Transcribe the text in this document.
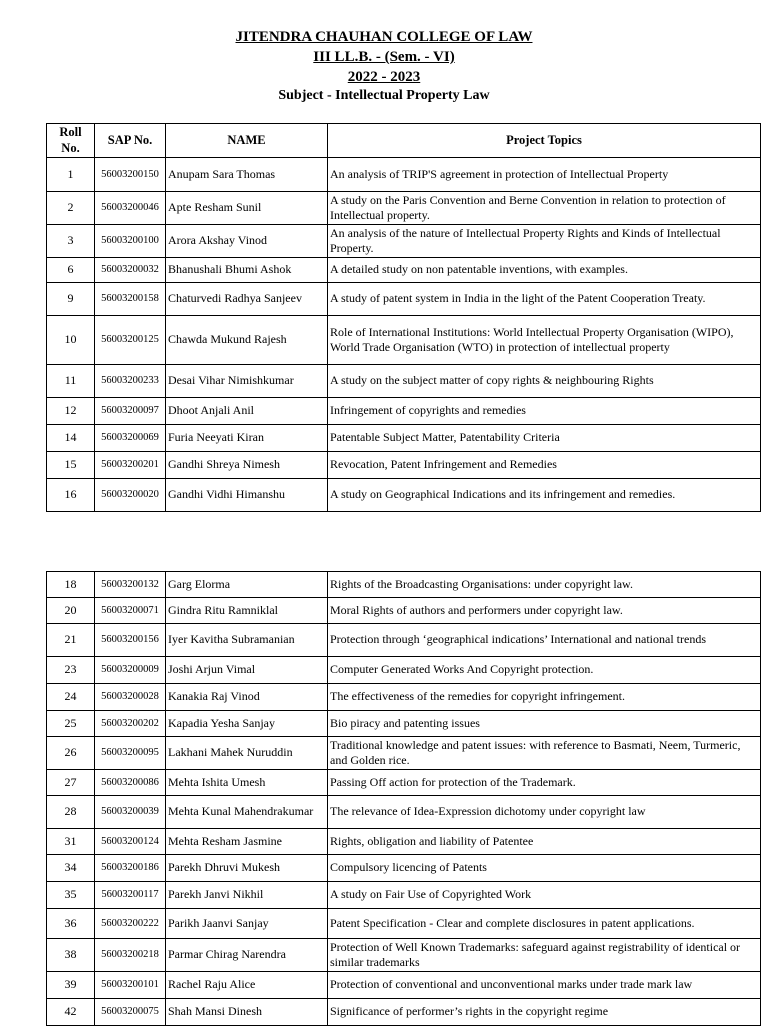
JITENDRA CHAUHAN COLLEGE OF LAW
III LL.B. - (Sem. - VI)
2022 - 2023
Subject - Intellectual Property Law
Roll No.	SAP No.	NAME	Project Topics
1	56003200150	Anupam Sara Thomas	An analysis of TRIP'S agreement in protection of Intellectual Property
2	56003200046	Apte Resham Sunil	A study on the Paris Convention and Berne Convention in relation to protection of Intellectual property.
3	56003200100	Arora Akshay Vinod	An analysis of the nature of Intellectual Property Rights and Kinds of Intellectual Property.
6	56003200032	Bhanushali Bhumi Ashok	A detailed study on non patentable inventions, with examples.
9	56003200158	Chaturvedi Radhya Sanjeev	A study of patent system in India in the light of the Patent Cooperation Treaty.
10	56003200125	Chawda Mukund Rajesh	Role of International Institutions: World Intellectual Property Organisation (WIPO), World Trade Organisation (WTO) in protection of intellectual property
11	56003200233	Desai Vihar Nimishkumar	A study on the subject matter of copy rights & neighbouring Rights
12	56003200097	Dhoot Anjali Anil	Infringement of copyrights and remedies
14	56003200069	Furia Neeyati Kiran	Patentable Subject Matter, Patentability Criteria
15	56003200201	Gandhi Shreya Nimesh	Revocation, Patent Infringement and Remedies
16	56003200020	Gandhi Vidhi Himanshu	A study on Geographical Indications and its infringement and remedies.
18	56003200132	Garg Elorma	Rights of the Broadcasting Organisations: under copyright law.
20	56003200071	Gindra Ritu Ramniklal	Moral Rights of authors and performers under copyright law.
21	56003200156	Iyer Kavitha Subramanian	Protection through ‘geographical indications’ International and national trends
23	56003200009	Joshi Arjun Vimal	Computer Generated Works And Copyright protection.
24	56003200028	Kanakia Raj Vinod	The effectiveness of the remedies for copyright infringement.
25	56003200202	Kapadia Yesha Sanjay	Bio piracy and patenting issues
26	56003200095	Lakhani Mahek Nuruddin	Traditional knowledge and patent issues: with reference to Basmati, Neem, Turmeric, and Golden rice.
27	56003200086	Mehta Ishita Umesh	Passing Off action for protection of the Trademark.
28	56003200039	Mehta Kunal Mahendrakumar	The relevance of Idea-Expression dichotomy under copyright law
31	56003200124	Mehta Resham Jasmine	Rights, obligation and liability of Patentee
34	56003200186	Parekh Dhruvi Mukesh	Compulsory licencing of Patents
35	56003200117	Parekh Janvi Nikhil	A study on Fair Use of Copyrighted Work
36	56003200222	Parikh Jaanvi Sanjay	Patent Specification - Clear and complete disclosures in patent applications.
38	56003200218	Parmar Chirag Narendra	Protection of Well Known Trademarks: safeguard against registrability of identical or similar trademarks
39	56003200101	Rachel Raju Alice	Protection of conventional and unconventional marks under trade mark law
42	56003200075	Shah Mansi Dinesh	Significance of performer’s rights in the copyright regime
